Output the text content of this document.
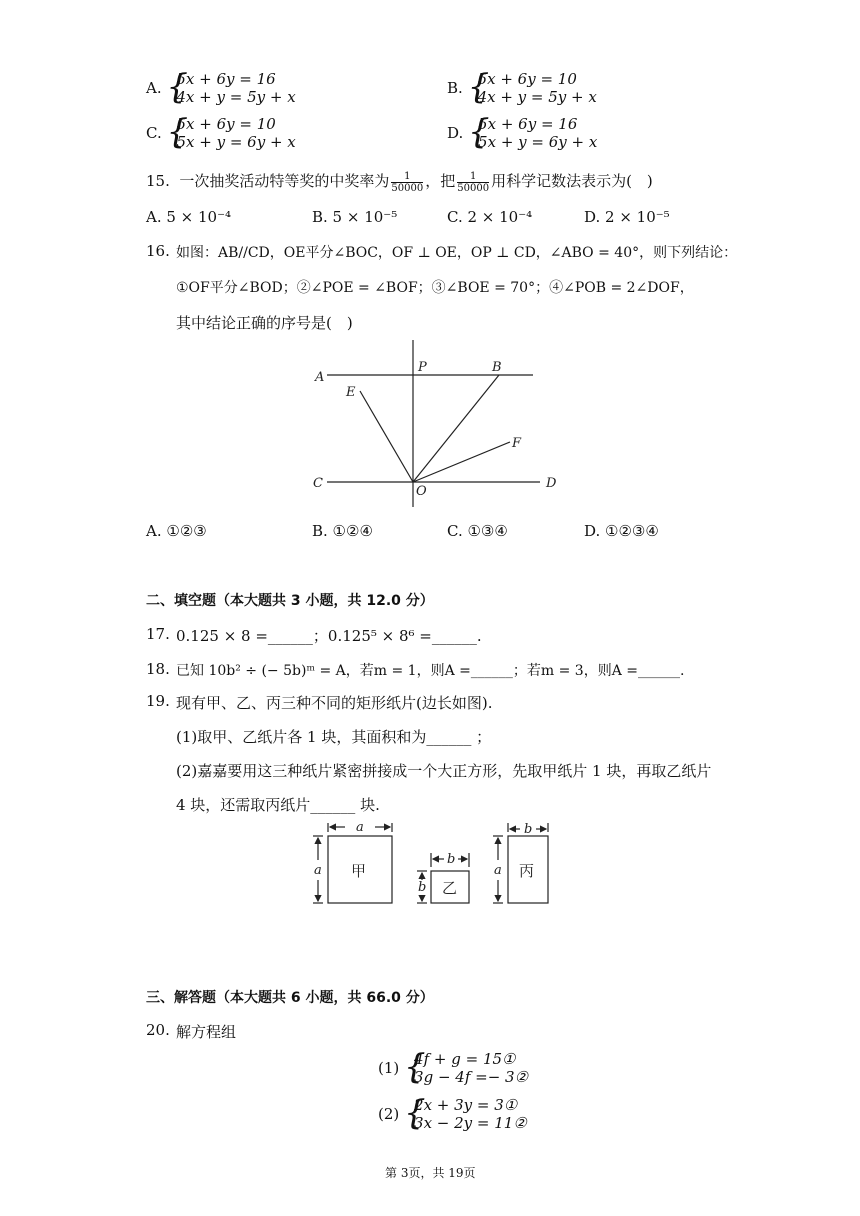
A. {
5x + 6y = 16
4x + y = 5y + x	B. {
5x + 6y = 10
4x + y = 5y + x
C. {
5x + 6y = 10
5x + y = 6y + x	D. {
5x + 6y = 16
5x + y = 6y + x
15. 一次抽奖活动特等奖的中奖率为 $\frac{1}{50000}$ ，把 $\frac{1}{50000}$ 用科学记数法表示为(　)
A. 5 × 10⁻⁴	B. 5 × 10⁻⁵	C. 2 × 10⁻⁴	D. 2 × 10⁻⁵
16. 如图：AB//CD，OE平分∠BOC，OF ⊥ OE，OP ⊥ CD，∠ABO = 40°，则下列结论：
①OF平分∠BOD；②∠POE = ∠BOF；③∠BOE = 70°；④∠POB = 2∠DOF，
其中结论正确的序号是(　)
A
P	B
E
F
C
O
D
A. ①②③	B. ①②④	C. ①③④	D. ①②③④
二、填空题（本大题共 3 小题，共 12.0 分）
17. 0.125 × 8 =______；0.125⁵ × 8⁶ =______.
18. 已知 10b² ÷ (− 5b)ᵐ = A，若m = 1，则A =______；若m = 3，则A =______.
19. 现有甲、乙、丙三种不同的矩形纸片(边长如图).
(1)取甲、乙纸片各 1 块，其面积和为______ ；
(2)嘉嘉要用这三种纸片紧密拼接成一个大正方形，先取甲纸片 1 块，再取乙纸片
4 块，还需取丙纸片______ 块.
甲
乙
丙
a
a
b
b
b
a
三、解答题（本大题共 6 小题，共 66.0 分）
20. 解方程组
(1) {
4f + g = 15①
3g − 4f =− 3②
(2) {
2x + 3y = 3①
3x − 2y = 11②
第 3页，共 19页
